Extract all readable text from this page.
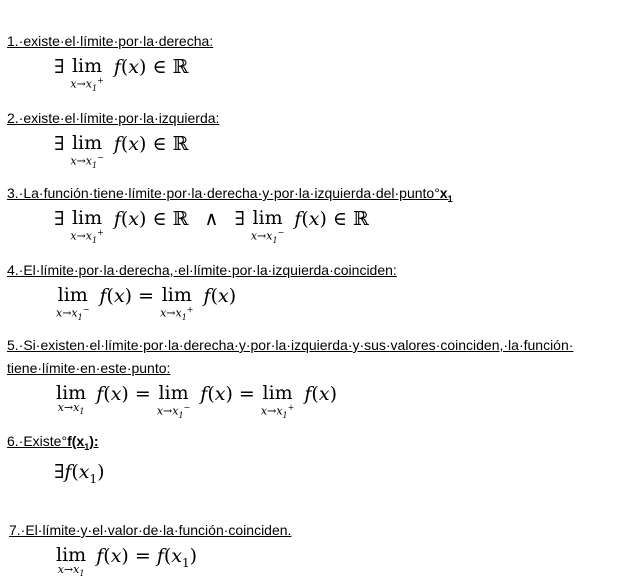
1.·existe·el·límite·por·la·derecha:
∃ lim
$x\to x_1^+$
f(x) ∈ ℝ
2.·existe·el·límite·por·la·izquierda:
∃ lim
$x\to x_1^-$
f(x) ∈ ℝ
$3.\cdot La\cdot función\cdot tiene\cdot límite\cdot por\cdot la\cdot derecha\cdot y\cdot por\cdot la\cdot izquierda\cdot del\cdot punto^\circ x_1$
∃ lim
$x\to x_1^+$
f(x) ∈ ℝ ∧ ∃ lim
$x\to x_1^-$
f(x) ∈ ℝ
4.·El·límite·por·la·derecha,·el·límite·por·la·izquierda·coinciden:
lim
$x\to x_1^-$
f(x) = lim
$x\to x_1^+$
f(x)
5.·Si·existen·el·límite·por·la·derecha·y·por·la·izquierda·y·sus·valores·coinciden,·la·función·
tiene·límite·en·este·punto:
lim
$x\to x_1$
f(x) = lim
$x\to x_1^-$
f(x) = lim
$x\to x_1^+$
f(x)
$6.\cdot Existe^\circ f(x_1)$:
$\exists f(x_1)$
7.·El·límite·y·el·valor·de·la·función·coinciden.
lim
$x\to x_1$
$f(x) = f(x_1)$
